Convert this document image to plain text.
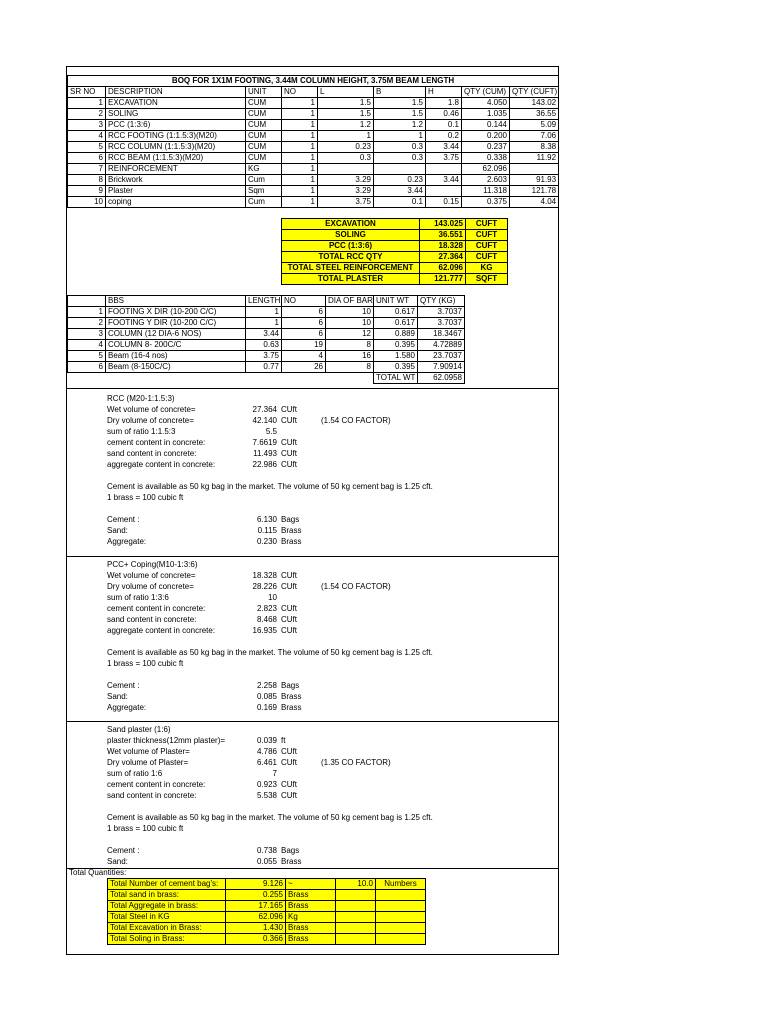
BOQ FOR 1X1M FOOTING, 3.44M COLUMN HEIGHT, 3.75M BEAM LENGTH								
SR NO	DESCRIPTION	UNIT	NO	L	B	H	QTY (CUM)	QTY (CUFT)
1	EXCAVATION	CUM	1	1.5	1.5	1.8	4.050	143.02
2	SOLING	CUM	1	1.5	1.5	0.46	1.035	36.55
3	PCC (1:3:6)	CUM	1	1.2	1.2	0.1	0.144	5.09
4	RCC FOOTING (1:1.5:3)(M20)	CUM	1	1	1	0.2	0.200	7.06
5	RCC COLUMN (1:1.5:3)(M20)	CUM	1	0.23	0.3	3.44	0.237	8.38
6	RCC BEAM (1:1.5:3)(M20)	CUM	1	0.3	0.3	3.75	0.338	11.92
7	REINFORCEMENT	KG	1				62.096	
8	Brickwork	Cum	1	3.29	0.23	3.44	2.603	91.93
9	Plaster	Sqm	1	3.29	3.44		11.318	121.78
10	coping	Cum	1	3.75	0.1	0.15	0.375	4.04
EXCAVATION	143.025	CUFT
SOLING	36.551	CUFT
PCC (1:3:6)	18.328	CUFT
TOTAL RCC QTY	27.364	CUFT
TOTAL STEEL REINFORCEMENT	62.096	KG
TOTAL PLASTER	121.777	SQFT
	BBS	LENGTH	NO	DIA OF BAR	UNIT WT	QTY (KG)
1	FOOTING X DIR (10-200 C/C)	1	6	10	0.617	3.7037
2	FOOTING Y DIR (10-200 C/C)	1	6	10	0.617	3.7037
3	COLUMN (12 DIA-6 NOS)	3.44	6	12	0.889	18.3467
4	COLUMN 8- 200C/C	0.63	19	8	0.395	4.72889
5	Beam (16-4 nos)	3.75	4	16	1.580	23.7037
6	Beam (8-150C/C)	0.77	26	8	0.395	7.90914
					TOTAL WT	62.0958
RCC (M20-1:1.5:3)
Wet volume of concrete=	27.364 CUft
Dry volume of concrete=	42.140 CUft	(1.54 CO FACTOR)
sum of ratio 1:1.5:3	5.5
cement content in concrete:	7.6619 CUft
sand content in concrete:	11.493 CUft
aggregate content in concrete:	22.986 CUft
Cement is available as 50 kg bag in the market. The volume of 50 kg cement bag is 1.25 cft.
1 brass = 100 cubic ft
Cement :	6.130 Bags
Sand:	0.115 Brass
Aggregate:	0.230 Brass
PCC+ Coping(M10-1:3:6)
Wet volume of concrete=	18.328 CUft
Dry volume of concrete=	28.226 CUft	(1.54 CO FACTOR)
sum of ratio 1:3:6	10
cement content in concrete:	2.823 CUft
sand content in concrete:	8.468 CUft
aggregate content in concrete:	16.935 CUft
Cement is available as 50 kg bag in the market. The volume of 50 kg cement bag is 1.25 cft.
1 brass = 100 cubic ft
Cement :	2.258 Bags
Sand:	0.085 Brass
Aggregate:	0.169 Brass
Sand plaster (1:6)
plaster thickness(12mm plaster)=	0.039 ft
Wet volume of Plaster=	4.786 CUft
Dry volume of Plaster=	6.461 CUft	(1.35 CO FACTOR)
sum of ratio 1:6	7
cement content in concrete:	0.923 CUft
sand content in concrete:	5.538 CUft
Cement is available as 50 kg bag in the market. The volume of 50 kg cement bag is 1.25 cft.
1 brass = 100 cubic ft
Cement :	0.738 Bags
Sand:	0.055 Brass
Total Quantities:
Total Number of cement bag's:	9.126	~	10.0	Numbers
Total sand in brass:	0.255	Brass		
Total Aggregate in brass:	17.165	Brass		
Total Steel in KG	62.096	Kg		
Total Excavation in Brass:	1.430	Brass		
Total Soling in Brass:	0.366	Brass		
